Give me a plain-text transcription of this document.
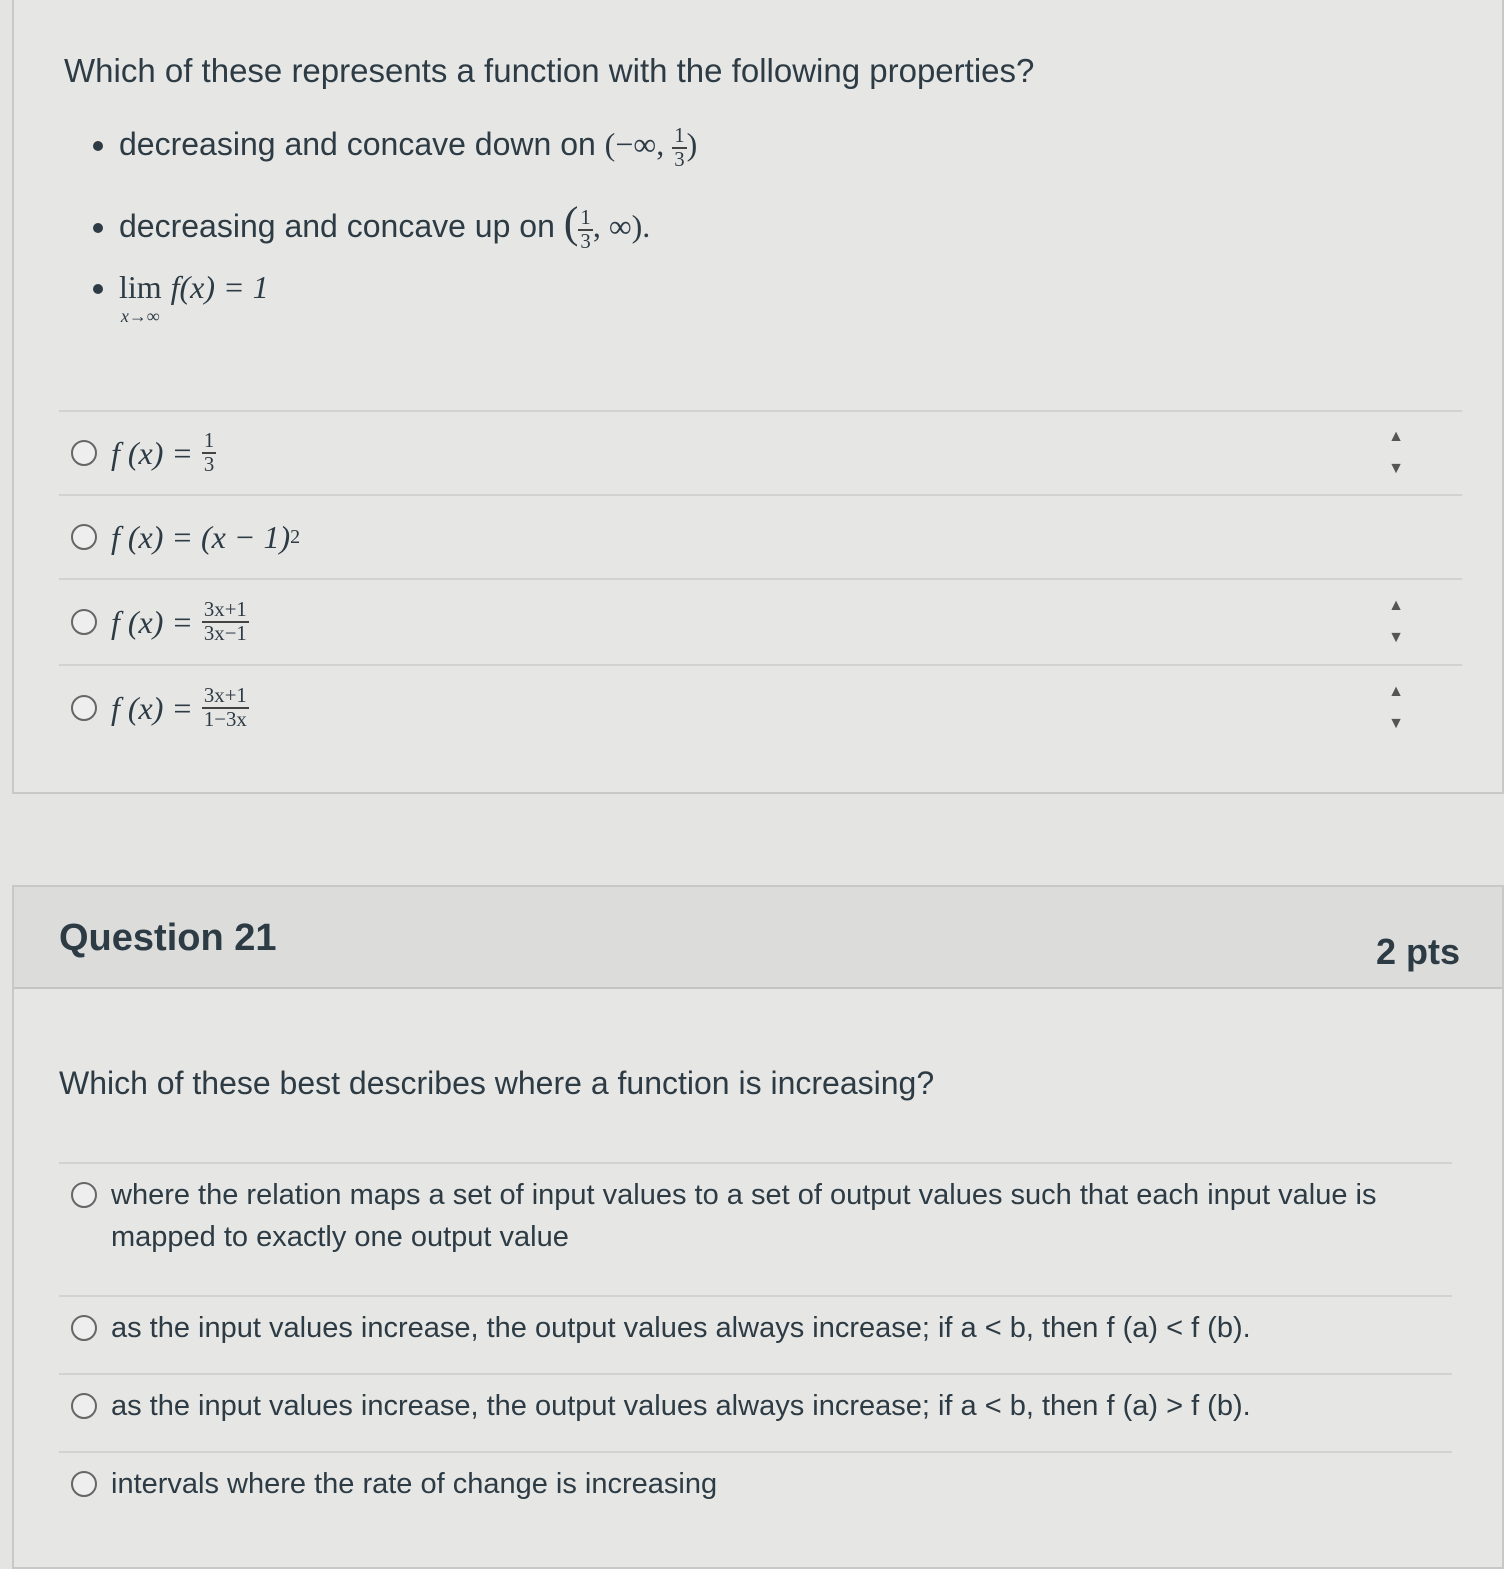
Which of these represents a function with the following properties?
• decreasing and concave down on (−∞, $\frac{1}{3}$ )
• decreasing and concave up on ( $\frac{1}{3}$ , ∞).
• lim
x→∞
f(x) = 1
f (x) =
$\frac{1}{3}$	▲
▼
f (x) = (x − 1) 2
f (x) =
$\frac{3x+1}{3x-1}$	▲
▼
f (x) =
$\frac{3x+1}{1-3x}$	▲
▼
Question 21	2 pts
Which of these best describes where a function is increasing?
where the relation maps a set of input values to a set of output values such that each input value is mapped to exactly one output value
as the input values increase, the output values always increase; if a < b, then f (a) < f (b).
as the input values increase, the output values always increase; if a < b, then f (a) > f (b).
intervals where the rate of change is increasing
